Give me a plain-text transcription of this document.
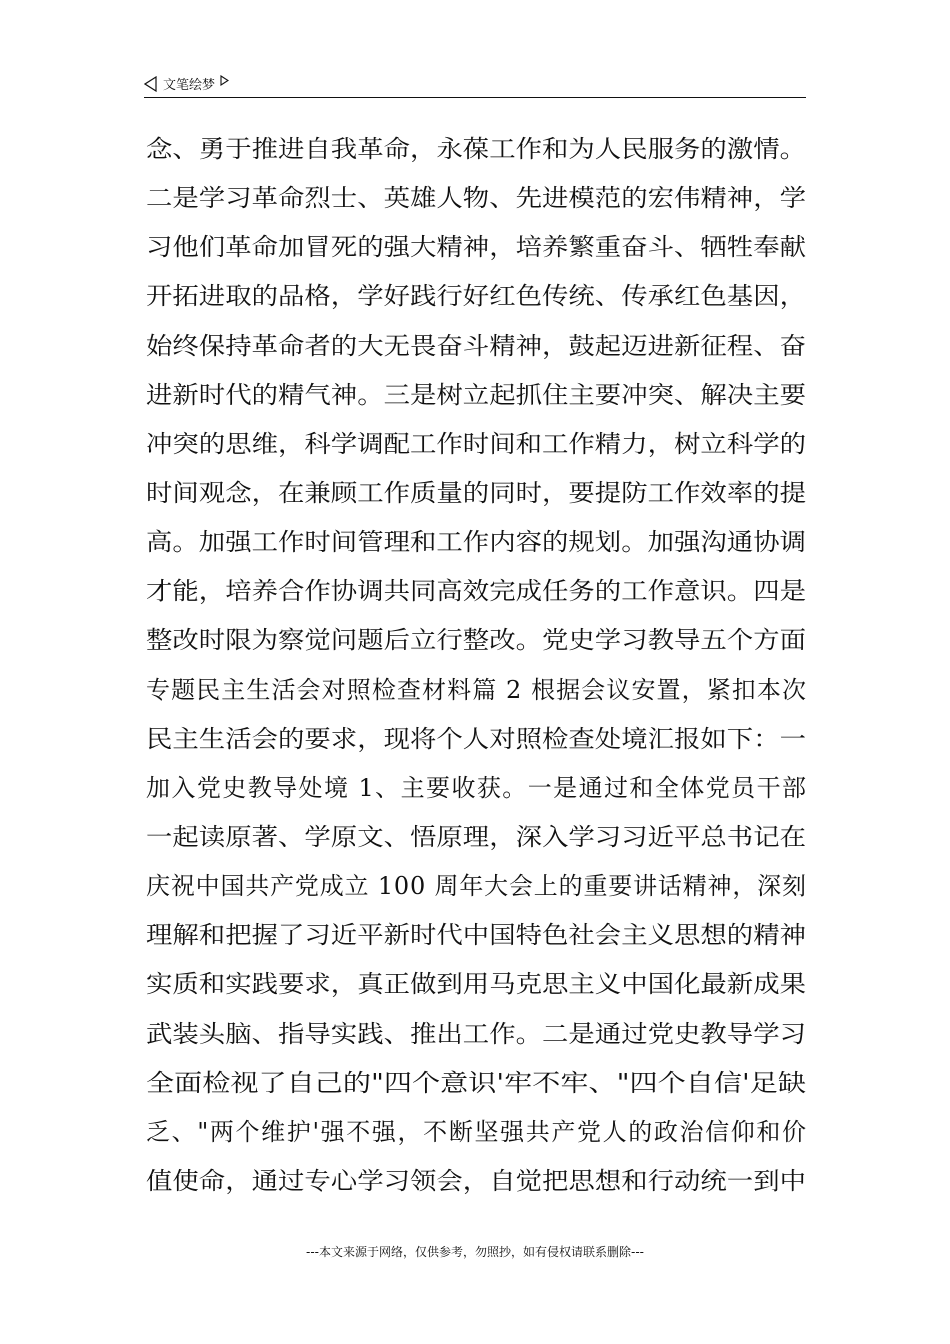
文笔绘梦
念、勇于推进自我革命，永葆工作和为人民服务的激情。
二是学习革命烈士、英雄人物、先进模范的宏伟精神，学
习他们革命加冒死的强大精神，培养繁重奋斗、牺牲奉献
开拓进取的品格，学好践行好红色传统、传承红色基因，
始终保持革命者的大无畏奋斗精神，鼓起迈进新征程、奋
进新时代的精气神。三是树立起抓住主要冲突、解决主要
冲突的思维，科学调配工作时间和工作精力，树立科学的
时间观念，在兼顾工作质量的同时，要提防工作效率的提
高。加强工作时间管理和工作内容的规划。加强沟通协调
才能，培养合作协调共同高效完成任务的工作意识。四是
整改时限为察觉问题后立行整改。党史学习教导五个方面
专题民主生活会对照检查材料篇 2 根据会议安置，紧扣本次
民主生活会的要求，现将个人对照检查处境汇报如下：一
加入党史教导处境 1、主要收获。一是通过和全体党员干部
一起读原著、学原文、悟原理，深入学习习近平总书记在
庆祝中国共产党成立 100 周年大会上的重要讲话精神，深刻
理解和把握了习近平新时代中国特色社会主义思想的精神
实质和实践要求，真正做到用马克思主义中国化最新成果
武装头脑、指导实践、推出工作。二是通过党史教导学习
全面检视了自己的"四个意识'牢不牢、"四个自信'足缺
乏、"两个维护'强不强，不断坚强共产党人的政治信仰和价
值使命，通过专心学习领会，自觉把思想和行动统一到中
---本文来源于网络，仅供参考，勿照抄，如有侵权请联系删除---
